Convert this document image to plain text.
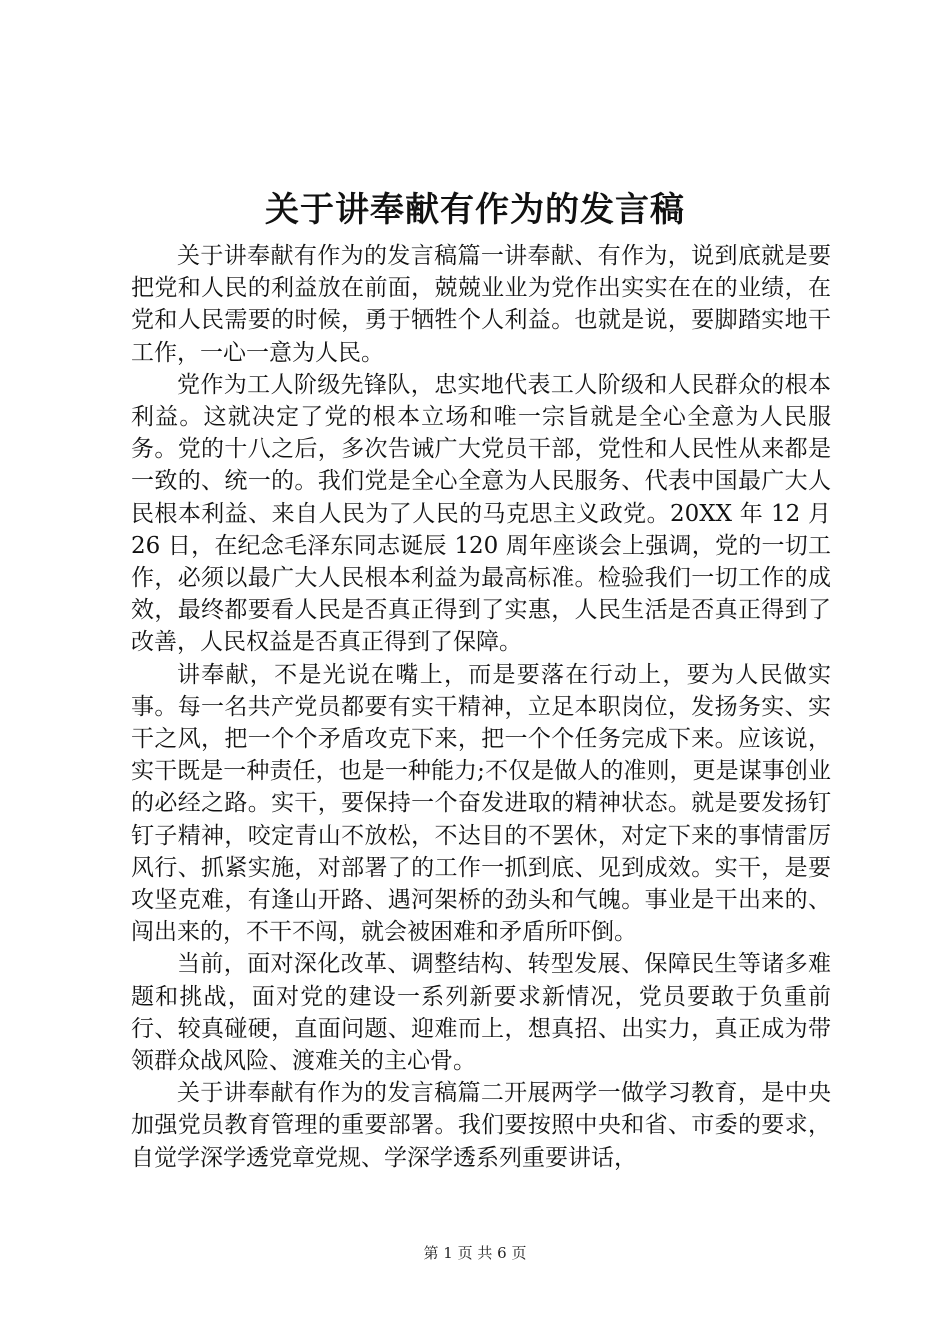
关于讲奉献有作为的发言稿

关于讲奉献有作为的发言稿篇一讲奉献、有作为，说到底就是要把党和人民的利益放在前面，兢兢业业为党作出实实在在的业绩，在党和人民需要的时候，勇于牺牲个人利益。也就是说，要脚踏实地干工作，一心一意为人民。

党作为工人阶级先锋队，忠实地代表工人阶级和人民群众的根本利益。这就决定了党的根本立场和唯一宗旨就是全心全意为人民服务。党的十八之后，多次告诫广大党员干部，党性和人民性从来都是一致的、统一的。我们党是全心全意为人民服务、代表中国最广大人民根本利益、来自人民为了人民的马克思主义政党。20XX 年 12 月 26 日，在纪念毛泽东同志诞辰 120 周年座谈会上强调，党的一切工作，必须以最广大人民根本利益为最高标准。检验我们一切工作的成效，最终都要看人民是否真正得到了实惠，人民生活是否真正得到了改善，人民权益是否真正得到了保障。

讲奉献，不是光说在嘴上，而是要落在行动上，要为人民做实事。每一名共产党员都要有实干精神，立足本职岗位，发扬务实、实干之风，把一个个矛盾攻克下来，把一个个任务完成下来。应该说，实干既是一种责任，也是一种能力;不仅是做人的准则，更是谋事创业的必经之路。实干，要保持一个奋发进取的精神状态。就是要发扬钉钉子精神，咬定青山不放松，不达目的不罢休，对定下来的事情雷厉风行、抓紧实施，对部署了的工作一抓到底、见到成效。实干，是要攻坚克难，有逢山开路、遇河架桥的劲头和气魄。事业是干出来的、闯出来的，不干不闯，就会被困难和矛盾所吓倒。

当前，面对深化改革、调整结构、转型发展、保障民生等诸多难题和挑战，面对党的建设一系列新要求新情况，党员要敢于负重前行、较真碰硬，直面问题、迎难而上，想真招、出实力，真正成为带领群众战风险、渡难关的主心骨。

关于讲奉献有作为的发言稿篇二开展两学一做学习教育，是中央加强党员教育管理的重要部署。我们要按照中央和省、市委的要求，自觉学深学透党章党规、学深学透系列重要讲话，

第 1 页 共 6 页
